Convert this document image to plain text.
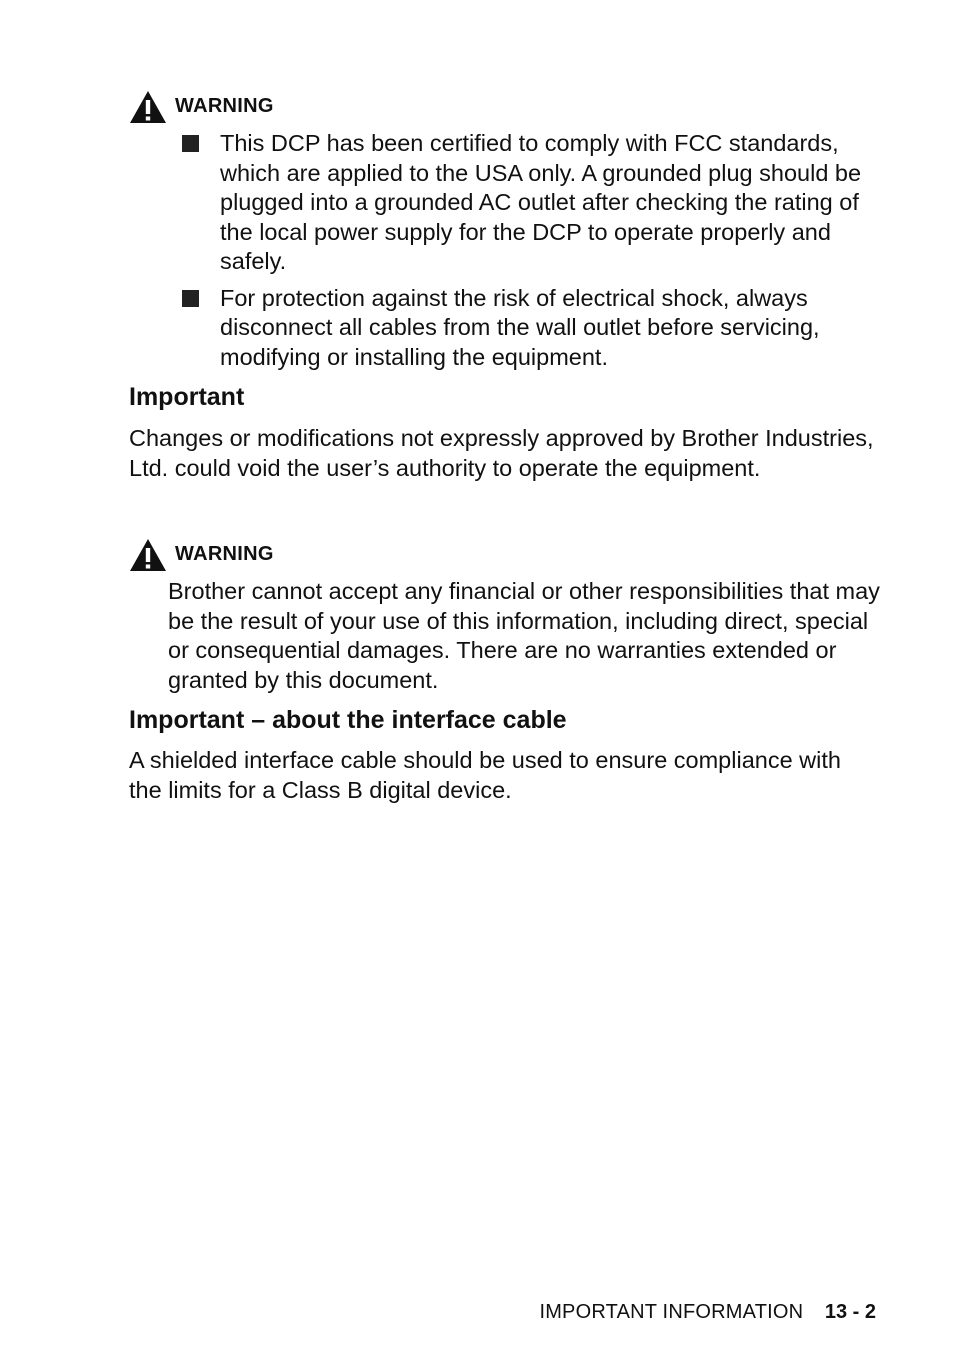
WARNING
This DCP has been certified to comply with FCC standards, which are applied to the USA only. A grounded plug should be plugged into a grounded AC outlet after checking the rating of the local power supply for the DCP to operate properly and safely.
For protection against the risk of electrical shock, always disconnect all cables from the wall outlet before servicing, modifying or installing the equipment.
Important
Changes or modifications not expressly approved by Brother Industries, Ltd. could void the user’s authority to operate the equipment.
WARNING
Brother cannot accept any financial or other responsibilities that may be the result of your use of this information, including direct, special or consequential damages. There are no warranties extended or granted by this document.
Important – about the interface cable
A shielded interface cable should be used to ensure compliance with the limits for a Class B digital device.
IMPORTANT INFORMATION 13 - 2
